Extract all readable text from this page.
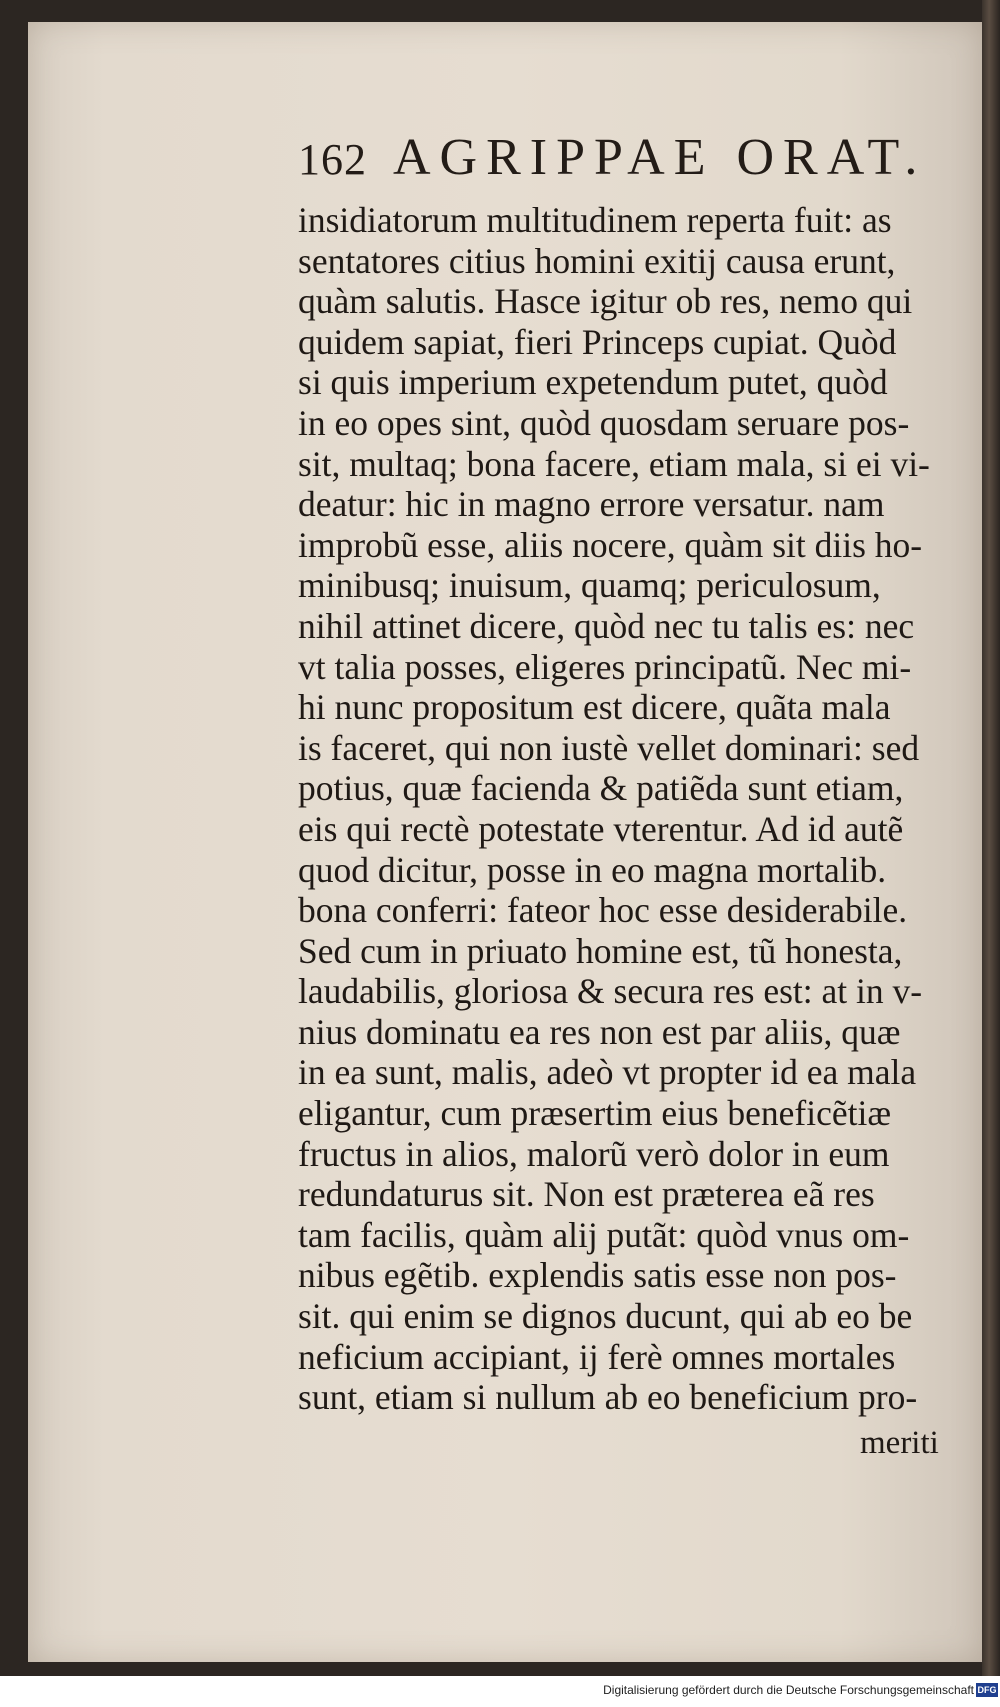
162 AGRIPPAE ORAT.
insidiatorum multitudinem reperta fuit: as
sentatores citius homini exitij causa erunt,
quàm salutis. Hasce igitur ob res, nemo qui
quidem sapiat, fieri Princeps cupiat. Quòd
si quis imperium expetendum putet, quòd
in eo opes sint, quòd quosdam seruare pos-
sit, multaq; bona facere, etiam mala, si ei vi-
deatur: hic in magno errore versatur. nam
improbũ esse, aliis nocere, quàm sit diis ho-
minibusq; inuisum, quamq; periculosum,
nihil attinet dicere, quòd nec tu talis es: nec
vt talia posses, eligeres principatũ. Nec mi-
hi nunc propositum est dicere, quãta mala
is faceret, qui non iustè vellet dominari: sed
potius, quæ facienda & patiẽda sunt etiam,
eis qui rectè potestate vterentur. Ad id autẽ
quod dicitur, posse in eo magna mortalib.
bona conferri: fateor hoc esse desiderabile.
Sed cum in priuato homine est, tũ honesta,
laudabilis, gloriosa & secura res est: at in v-
nius dominatu ea res non est par aliis, quæ
in ea sunt, malis, adeò vt propter id ea mala
eligantur, cum præsertim eius beneficẽtiæ
fructus in alios, malorũ verò dolor in eum
redundaturus sit. Non est præterea eã res
tam facilis, quàm alij putãt: quòd vnus om-
nibus egẽtib. explendis satis esse non pos-
sit. qui enim se dignos ducunt, qui ab eo be
neficium accipiant, ij ferè omnes mortales
sunt, etiam si nullum ab eo beneficium pro-
meriti
Digitalisierung gefördert durch die Deutsche Forschungsgemeinschaft DFG
